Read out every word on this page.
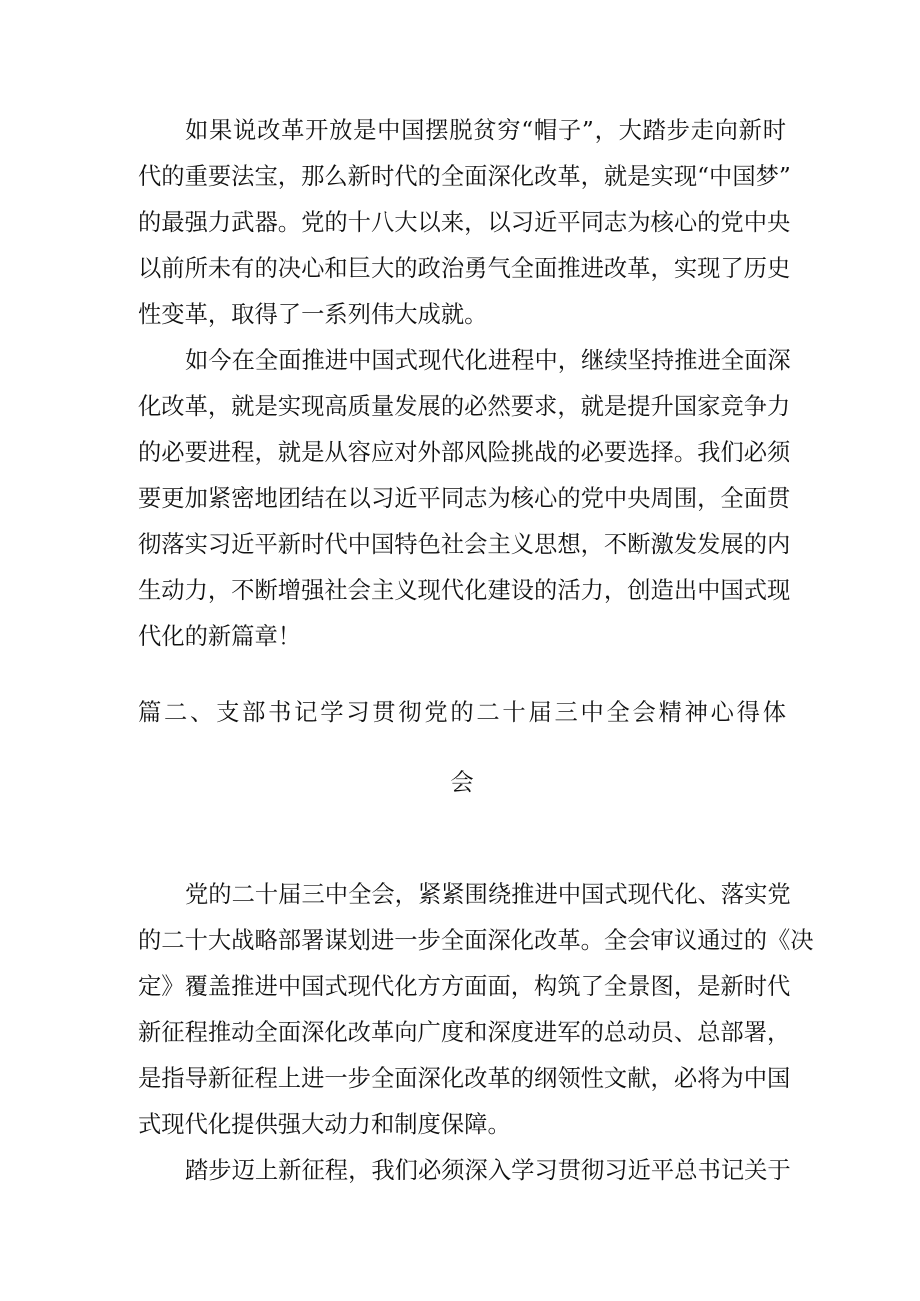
如果说改革开放是中国摆脱贫穷“帽子”，大踏步走向新时
代的重要法宝，那么新时代的全面深化改革，就是实现“中国梦”
的最强力武器。党的十八大以来，以习近平同志为核心的党中央
以前所未有的决心和巨大的政治勇气全面推进改革，实现了历史
性变革，取得了一系列伟大成就。
如今在全面推进中国式现代化进程中，继续坚持推进全面深
化改革，就是实现高质量发展的必然要求，就是提升国家竞争力
的必要进程，就是从容应对外部风险挑战的必要选择。我们必须
要更加紧密地团结在以习近平同志为核心的党中央周围，全面贯
彻落实习近平新时代中国特色社会主义思想，不断激发发展的内
生动力，不断增强社会主义现代化建设的活力，创造出中国式现
代化的新篇章！
篇二、支部书记学习贯彻党的二十届三中全会精神心得体
会
党的二十届三中全会，紧紧围绕推进中国式现代化、落实党
的二十大战略部署谋划进一步全面深化改革。全会审议通过的《决
定》覆盖推进中国式现代化方方面面，构筑了全景图，是新时代
新征程推动全面深化改革向广度和深度进军的总动员、总部署，
是指导新征程上进一步全面深化改革的纲领性文献，必将为中国
式现代化提供强大动力和制度保障。
踏步迈上新征程，我们必须深入学习贯彻习近平总书记关于
